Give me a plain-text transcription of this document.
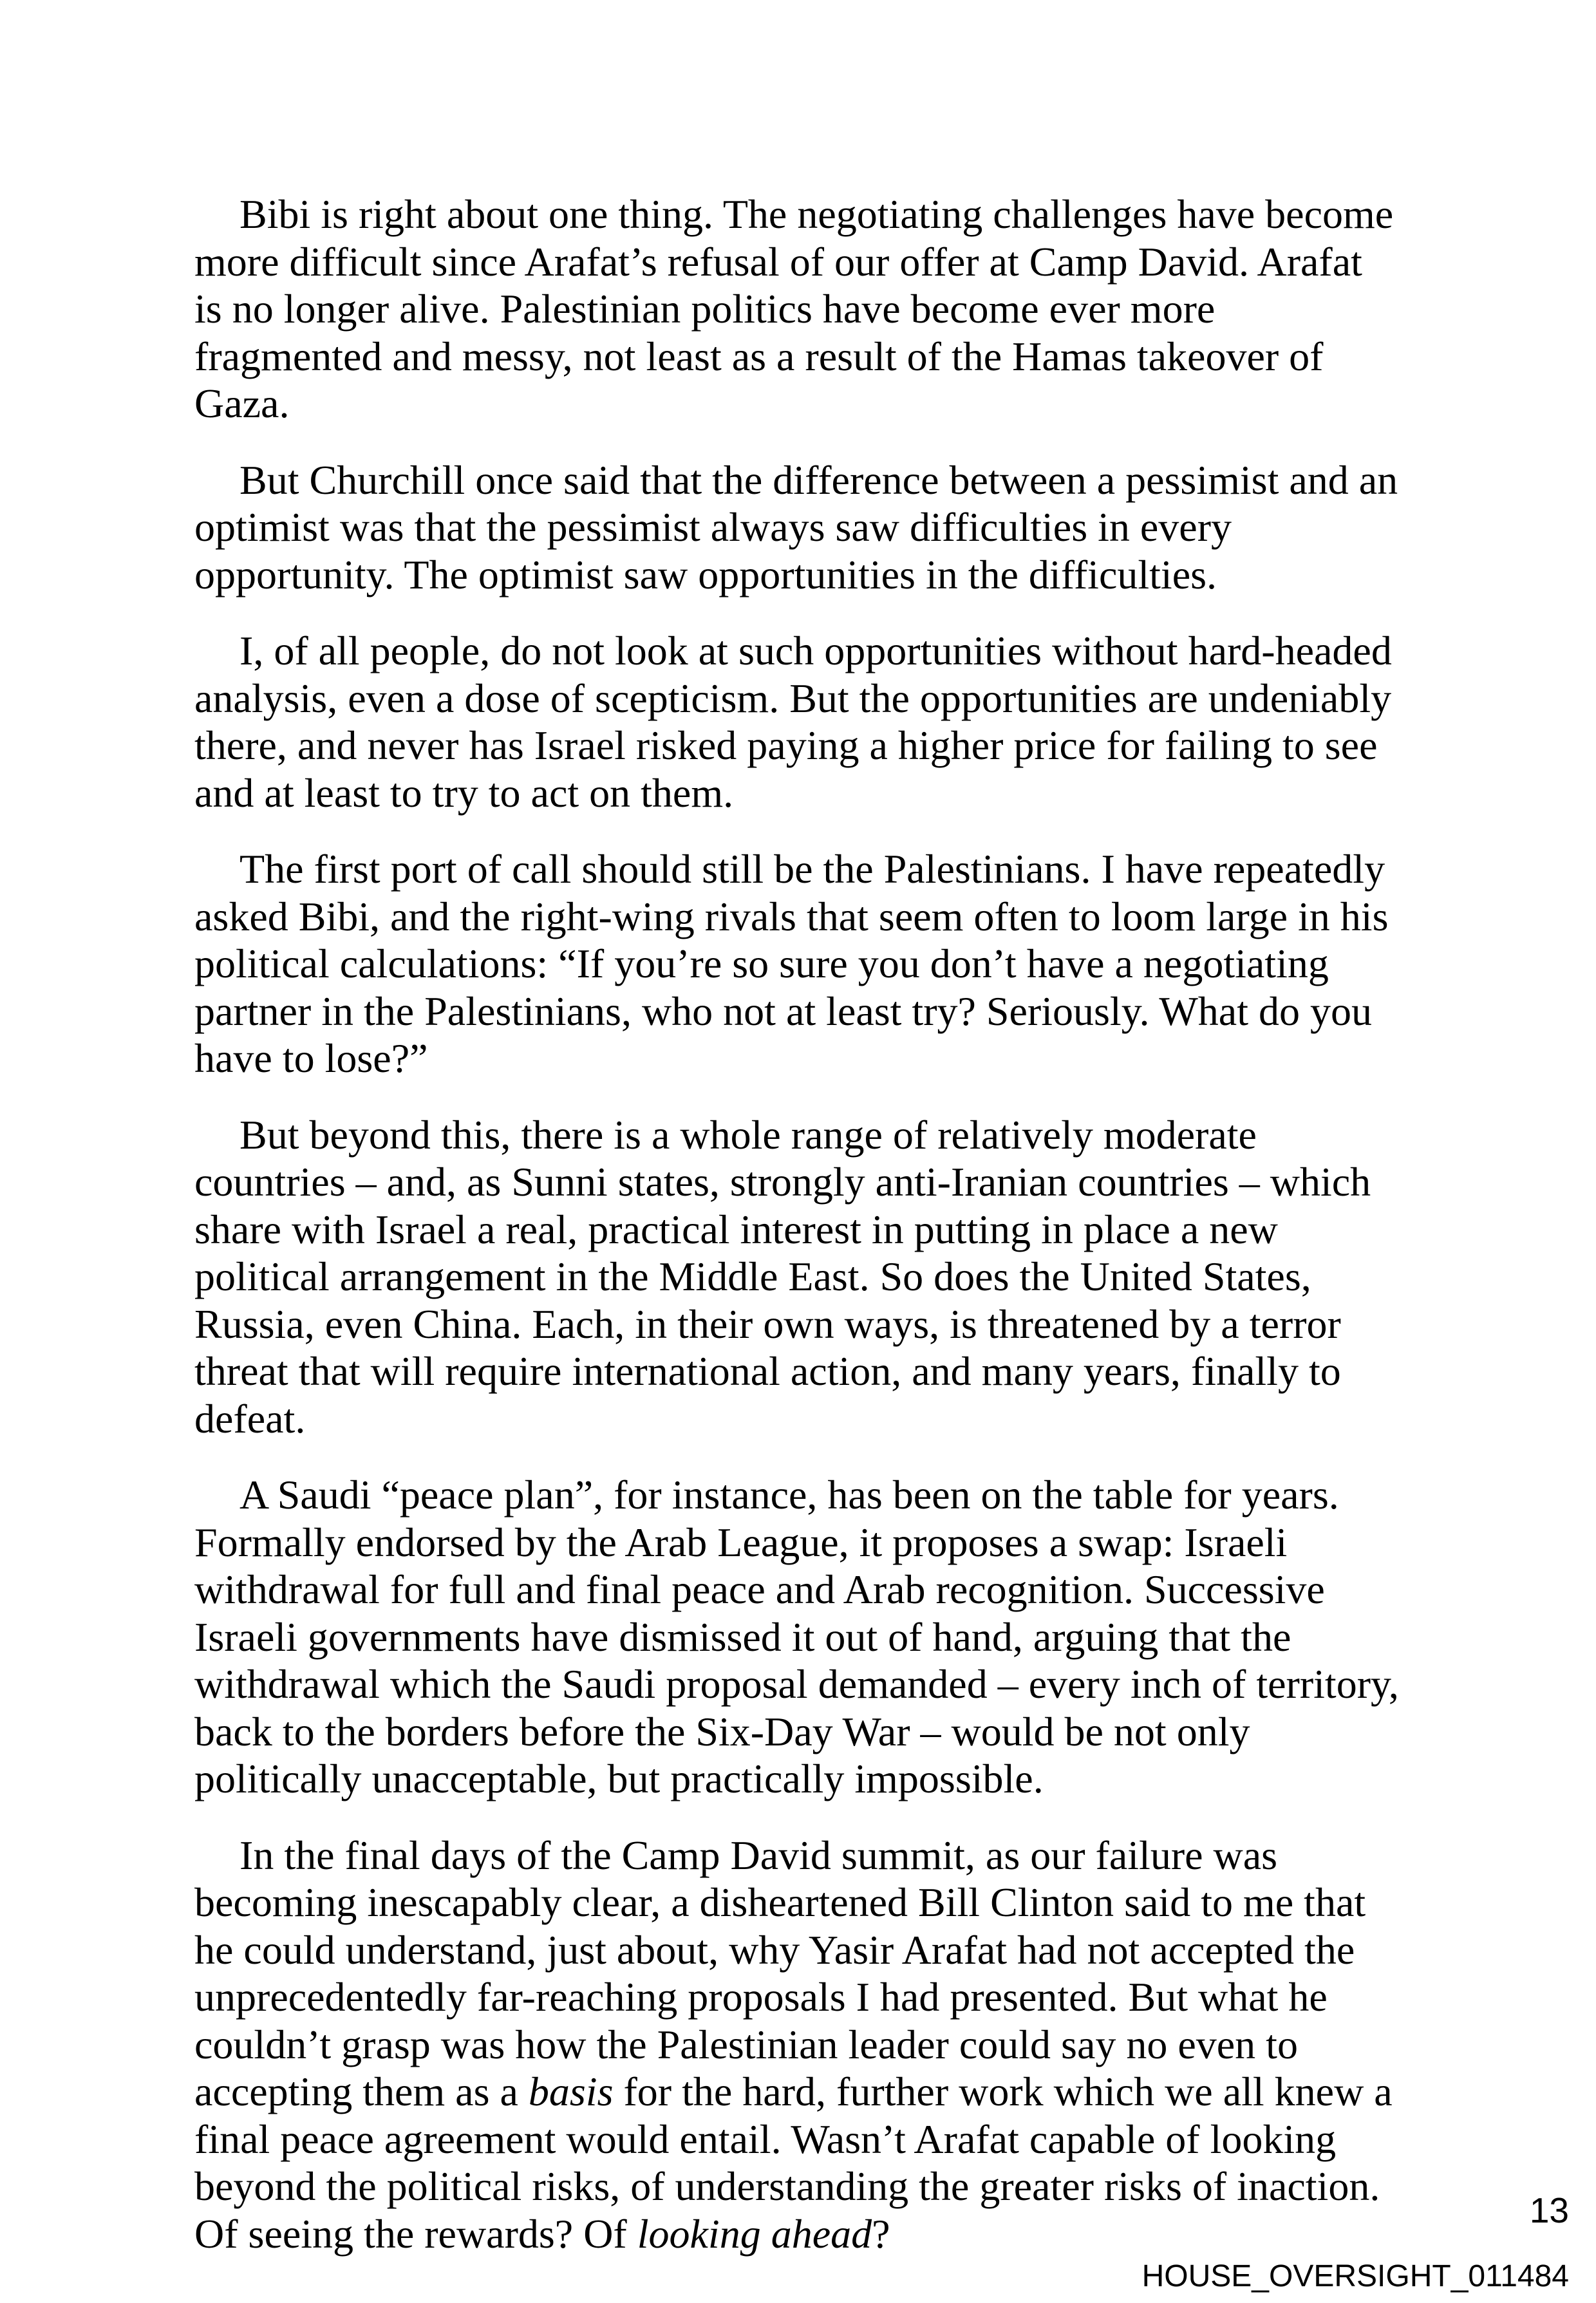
Bibi is right about one thing. The negotiating challenges have become more difficult since Arafat’s refusal of our offer at Camp David. Arafat is no longer alive. Palestinian politics have become ever more fragmented and messy, not least as a result of the Hamas takeover of Gaza.

But Churchill once said that the difference between a pessimist and an optimist was that the pessimist always saw difficulties in every opportunity. The optimist saw opportunities in the difficulties.

I, of all people, do not look at such opportunities without hard-headed analysis, even a dose of scepticism. But the opportunities are undeniably there, and never has Israel risked paying a higher price for failing to see and at least to try to act on them.

The first port of call should still be the Palestinians. I have repeatedly asked Bibi, and the right-wing rivals that seem often to loom large in his political calculations: “If you’re so sure you don’t have a negotiating partner in the Palestinians, who not at least try? Seriously. What do you have to lose?”

But beyond this, there is a whole range of relatively moderate countries – and, as Sunni states, strongly anti-Iranian countries – which share with Israel a real, practical interest in putting in place a new political arrangement in the Middle East. So does the United States, Russia, even China. Each, in their own ways, is threatened by a terror threat that will require international action, and many years, finally to defeat.

A Saudi “peace plan”, for instance, has been on the table for years. Formally endorsed by the Arab League, it proposes a swap: Israeli withdrawal for full and final peace and Arab recognition. Successive Israeli governments have dismissed it out of hand, arguing that the withdrawal which the Saudi proposal demanded – every inch of territory, back to the borders before the Six-Day War – would be not only politically unacceptable, but practically impossible.

In the final days of the Camp David summit, as our failure was becoming inescapably clear, a disheartened Bill Clinton said to me that he could understand, just about, why Yasir Arafat had not accepted the unprecedentedly far-reaching proposals I had presented. But what he couldn’t grasp was how the Palestinian leader could say no even to accepting them as a basis for the hard, further work which we all knew a final peace agreement would entail. Wasn’t Arafat capable of looking beyond the political risks, of understanding the greater risks of inaction. Of seeing the rewards? Of looking ahead?

13
HOUSE_OVERSIGHT_011484
